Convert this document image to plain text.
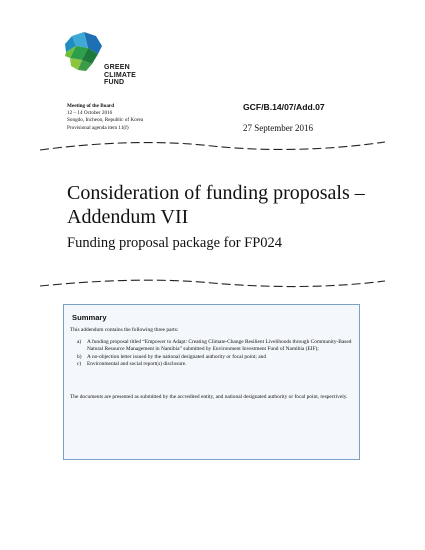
GREEN
CLIMATE
FUND
Meeting of the Board
12 – 14 October 2016
Songdo, Incheon, Republic of Korea
Provisional agenda item 11(f)
GCF/B.14/07/Add.07
27 September 2016
Consideration of funding proposals – Addendum VII
Funding proposal package for FP024
Summary
This addendum contains the following three parts:
a)	A funding proposal titled “Empower to Adapt: Creating Climate-Change Resilient Livelihoods through Community-Based Natural Resource Management in Namibia” submitted by Environment Investment Fund of Namibia (EIF);
b)	A no-objection letter issued by the national designated authority or focal point; and
c)	Environmental and social report(s) disclosure.
The documents are presented as submitted by the accredited entity, and national designated authority or focal point, respectively.
